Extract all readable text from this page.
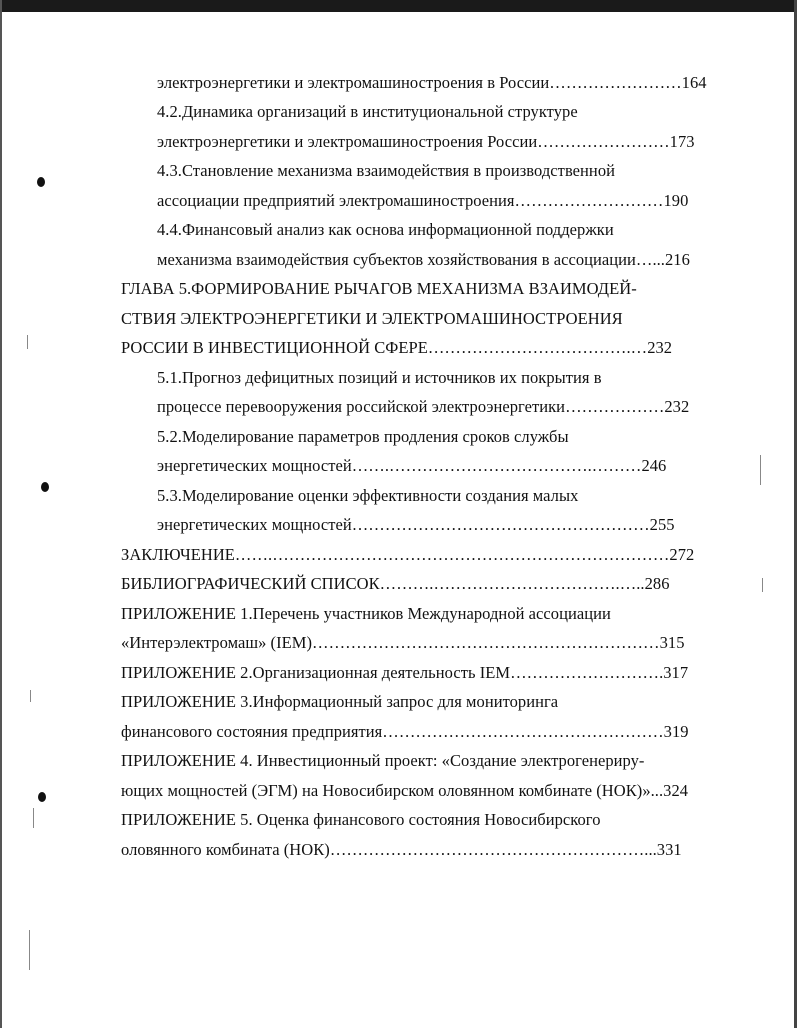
электроэнергетики и электромашиностроения в России……………………164
4.2.Динамика организаций в институциональной структуре
электроэнергетики и электромашиностроения России……………………173
4.3.Становление механизма взаимодействия в производственной
ассоциации предприятий электромашиностроения………………………190
4.4.Финансовый анализ как основа информационной поддержки
механизма взаимодействия субъектов хозяйствования в ассоциации…...216
ГЛАВА 5.ФОРМИРОВАНИЕ РЫЧАГОВ МЕХАНИЗМА ВЗАИМОДЕЙ-
СТВИЯ ЭЛЕКТРОЭНЕРГЕТИКИ И ЭЛЕКТРОМАШИНОСТРОЕНИЯ
РОССИИ В ИНВЕСТИЦИОННОЙ СФЕРЕ……………………………….…232
5.1.Прогноз дефицитных позиций и источников их покрытия в
процессе перевооружения российской электроэнергетики………………232
5.2.Моделирование параметров продления сроков службы
энергетических мощностей…….……………………………….………246
5.3.Моделирование оценки эффективности создания малых
энергетических мощностей………………………………………………255
ЗАКЛЮЧЕНИЕ…….………………………………………………………………272
БИБЛИОГРАФИЧЕСКИЙ СПИСОК……….…………………………….…..286
ПРИЛОЖЕНИЕ 1.Перечень участников Международной ассоциации
«Интерэлектромаш» (IEM)………………………………………………………315
ПРИЛОЖЕНИЕ 2.Организационная деятельность IEM……………………….317
ПРИЛОЖЕНИЕ 3.Информационный запрос для мониторинга
финансового состояния предприятия……………………………………………319
ПРИЛОЖЕНИЕ 4. Инвестиционный проект: «Создание электрогенериру-
ющих мощностей (ЭГМ) на Новосибирском оловянном комбинате (НОК)»...324
ПРИЛОЖЕНИЕ 5. Оценка финансового состояния Новосибирского
оловянного комбината (НОК)…………………………………………………...331
